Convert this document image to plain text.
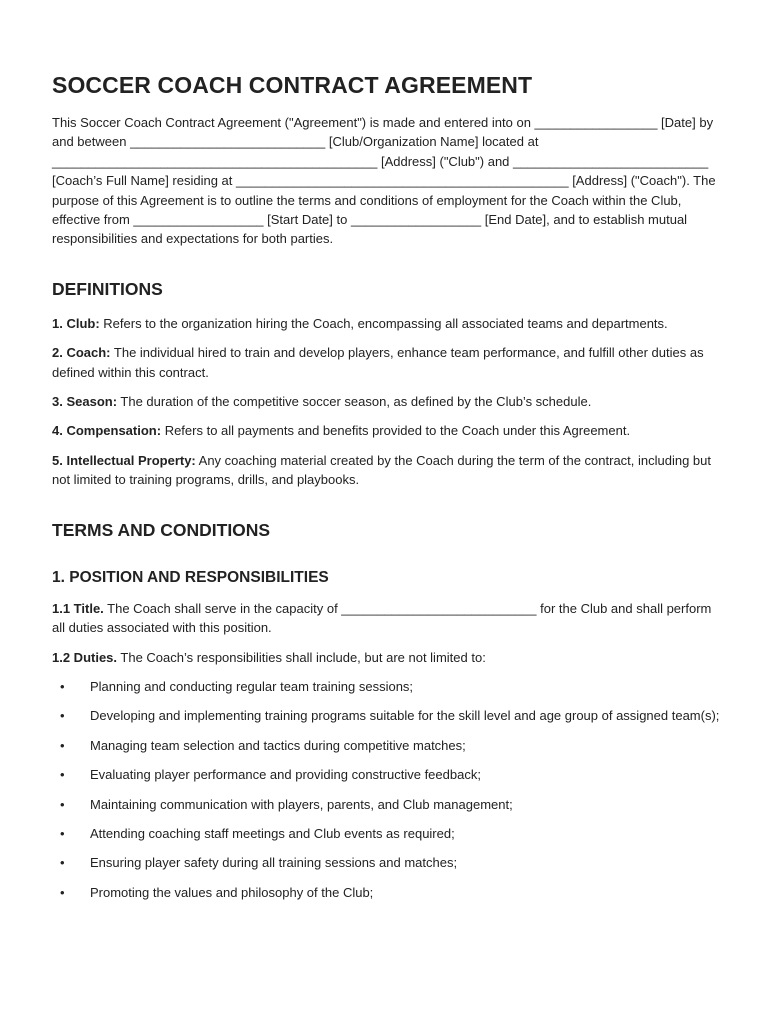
SOCCER COACH CONTRACT AGREEMENT

This Soccer Coach Contract Agreement ("Agreement") is made and entered into on _________________ [Date] by and between ___________________________ [Club/Organization Name] located at _____________________________________________ [Address] ("Club") and ___________________________ [Coach’s Full Name] residing at ______________________________________________ [Address] ("Coach"). The purpose of this Agreement is to outline the terms and conditions of employment for the Coach within the Club, effective from __________________ [Start Date] to __________________ [End Date], and to establish mutual responsibilities and expectations for both parties.

DEFINITIONS

1. Club: Refers to the organization hiring the Coach, encompassing all associated teams and departments.

2. Coach: The individual hired to train and develop players, enhance team performance, and fulfill other duties as defined within this contract.

3. Season: The duration of the competitive soccer season, as defined by the Club’s schedule.

4. Compensation: Refers to all payments and benefits provided to the Coach under this Agreement.

5. Intellectual Property: Any coaching material created by the Coach during the term of the contract, including but not limited to training programs, drills, and playbooks.

TERMS AND CONDITIONS
1. POSITION AND RESPONSIBILITIES

1.1 Title. The Coach shall serve in the capacity of ___________________________ for the Club and shall perform all duties associated with this position.

1.2 Duties. The Coach’s responsibilities shall include, but are not limited to:

• Planning and conducting regular team training sessions;
• Developing and implementing training programs suitable for the skill level and age group of assigned team(s);
• Managing team selection and tactics during competitive matches;
• Evaluating player performance and providing constructive feedback;
• Maintaining communication with players, parents, and Club management;
• Attending coaching staff meetings and Club events as required;
• Ensuring player safety during all training sessions and matches;
• Promoting the values and philosophy of the Club;
